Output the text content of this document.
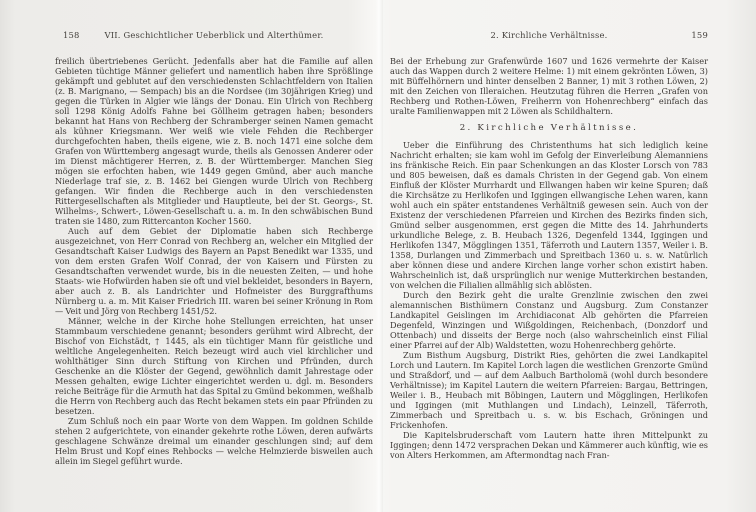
158	VII. Geschichtlicher Ueberblick und Alterthümer.

freilich übertriebenes Gerücht. Jedenfalls aber hat die Familie auf allen Gebieten tüchtige Männer geliefert und namentlich haben ihre Sprößlinge gekämpft und geblutet auf den verschiedensten Schlachtfeldern von Italien (z. B. Marignano, — Sempach) bis an die Nordsee (im 30jährigen Krieg) und gegen die Türken in Algier wie längs der Donau. Ein Ulrich von Rechberg soll 1298 König Adolfs Fahne bei Göllheim getragen haben; besonders bekannt hat Hans von Rechberg der Schramberger seinen Namen gemacht als kühner Kriegsmann. Wer weiß wie viele Fehden die Rechberger durchgefochten haben, theils eigene, wie z. B. noch 1471 eine solche dem Grafen von Württemberg angesagt wurde, theils als Genossen Anderer oder im Dienst mächtigerer Herren, z. B. der Württemberger. Manchen Sieg mögen sie erfochten haben, wie 1449 gegen Gmünd, aber auch manche Niederlage traf sie, z. B. 1462 bei Giengen wurde Ulrich von Rechberg gefangen. Wir finden die Rechberge auch in den verschiedensten Rittergesellschaften als Mitglieder und Hauptleute, bei der St. Georgs-, St. Wilhelms-, Schwert-, Löwen-Gesellschaft u. a. m. In den schwäbischen Bund traten sie 1480, zum Rittercanton Kocher 1560.

Auch auf dem Gebiet der Diplomatie haben sich Rechberge ausgezeichnet, von Herr Conrad von Rechberg an, welcher ein Mitglied der Gesandtschaft Kaiser Ludwigs des Bayern an Papst Benedikt war 1335, und von dem ersten Grafen Wolf Conrad, der von Kaisern und Fürsten zu Gesandtschaften verwendet wurde, bis in die neuesten Zeiten, — und hohe Staats- wie Hofwürden haben sie oft und viel bekleidet, besonders in Bayern, aber auch z. B. als Landrichter und Hofmeister des Burggrafthums Nürnberg u. a. m. Mit Kaiser Friedrich III. waren bei seiner Krönung in Rom — Veit und Jörg von Rechberg 1451/52.

Männer, welche in der Kirche hohe Stellungen erreichten, hat unser Stammbaum verschiedene genannt; besonders gerühmt wird Albrecht, der Bischof von Eichstädt, † 1445, als ein tüchtiger Mann für geistliche und weltliche Angelegenheiten. Reich bezeugt wird auch viel kirchlicher und wohlthätiger Sinn durch Stiftung von Kirchen und Pfründen, durch Geschenke an die Klöster der Gegend, gewöhnlich damit Jahrestage oder Messen gehalten, ewige Lichter eingerichtet werden u. dgl. m. Besonders reiche Beiträge für die Armuth hat das Spital zu Gmünd bekommen, weßhalb die Herrn von Rechberg auch das Recht bekamen stets ein paar Pfründen zu besetzen.

Zum Schluß noch ein paar Worte von dem Wappen. Im goldnen Schilde stehen 2 aufgerichtete, von einander gekehrte rothe Löwen, deren aufwärts geschlagene Schwänze dreimal um einander geschlungen sind; auf dem Helm Brust und Kopf eines Rehbocks — welche Helmzierde bisweilen auch allein im Siegel geführt wurde.

2. Kirchliche Verhältnisse.	159

Bei der Erhebung zur Grafenwürde 1607 und 1626 vermehrte der Kaiser auch das Wappen durch 2 weitere Helme: 1) mit einem gekrönten Löwen, 3) mit Büffelhörnern und hinter denselben 2 Banner, 1) mit 3 rothen Löwen, 2) mit den Zeichen von Illeraichen. Heutzutag führen die Herren „Grafen von Rechberg und Rothen-Löwen, Freiherrn von Hohenrechberg“ einfach das uralte Familienwappen mit 2 Löwen als Schildhaltern.

2. Kirchliche Verhältnisse.

Ueber die Einführung des Christenthums hat sich lediglich keine Nachricht erhalten; sie kam wohl im Gefolg der Einverleibung Alemanniens ins fränkische Reich. Ein paar Schenkungen an das Kloster Lorsch von 783 und 805 beweisen, daß es damals Christen in der Gegend gab. Von einem Einfluß der Klöster Murrhardt und Ellwangen haben wir keine Spuren; daß die Kirchsätze zu Herlikofen und Iggingen ellwangische Lehen waren, kann wohl auch ein später entstandenes Verhältniß gewesen sein. Auch von der Existenz der verschiedenen Pfarreien und Kirchen des Bezirks finden sich, Gmünd selber ausgenommen, erst gegen die Mitte des 14. Jahrhunderts urkundliche Belege, z. B. Heubach 1326, Degenfeld 1344, Iggingen und Herlikofen 1347, Mögglingen 1351, Täferroth und Lautern 1357, Weiler i. B. 1358, Durlangen und Zimmerbach und Spreitbach 1360 u. s. w. Natürlich aber können diese und andere Kirchen lange vorher schon existirt haben. Wahrscheinlich ist, daß ursprünglich nur wenige Mutterkirchen bestanden, von welchen die Filialien allmählig sich ablösten.

Durch den Bezirk geht die uralte Grenzlinie zwischen den zwei alemannischen Bisthümern Constanz und Augsburg. Zum Constanzer Landkapitel Geislingen im Archidiaconat Alb gehörten die Pfarreien Degenfeld, Winzingen und Wißgoldingen, Reichenbach, (Donzdorf und Ottenbach) und disseits der Berge noch (also wahrscheinlich einst Filial einer Pfarrei auf der Alb) Waldstetten, wozu Hohenrechberg gehörte.

Zum Bisthum Augsburg, Distrikt Ries, gehörten die zwei Landkapitel Lorch und Lautern. Im Kapitel Lorch lagen die westlichen Grenzorte Gmünd und Straßdorf, und — auf dem Aalbuch Bartholomä (wohl durch besondere Verhältnisse); im Kapitel Lautern die weitern Pfarreien: Bargau, Bettringen, Weiler i. B., Heubach mit Böbingen, Lautern und Mögglingen, Herlikofen und Iggingen (mit Muthlangen und Lindach), Leinzell, Täferroth, Zimmerbach und Spreitbach u. s. w. bis Eschach, Gröningen und Frickenhofen.

Die Kapitelsbruderschaft vom Lautern hatte ihren Mittelpunkt zu Iggingen; denn 1472 versprachen Dekan und Kämmerer auch künftig, wie es von Alters Herkommen, am Aftermondtag nach Fran-
